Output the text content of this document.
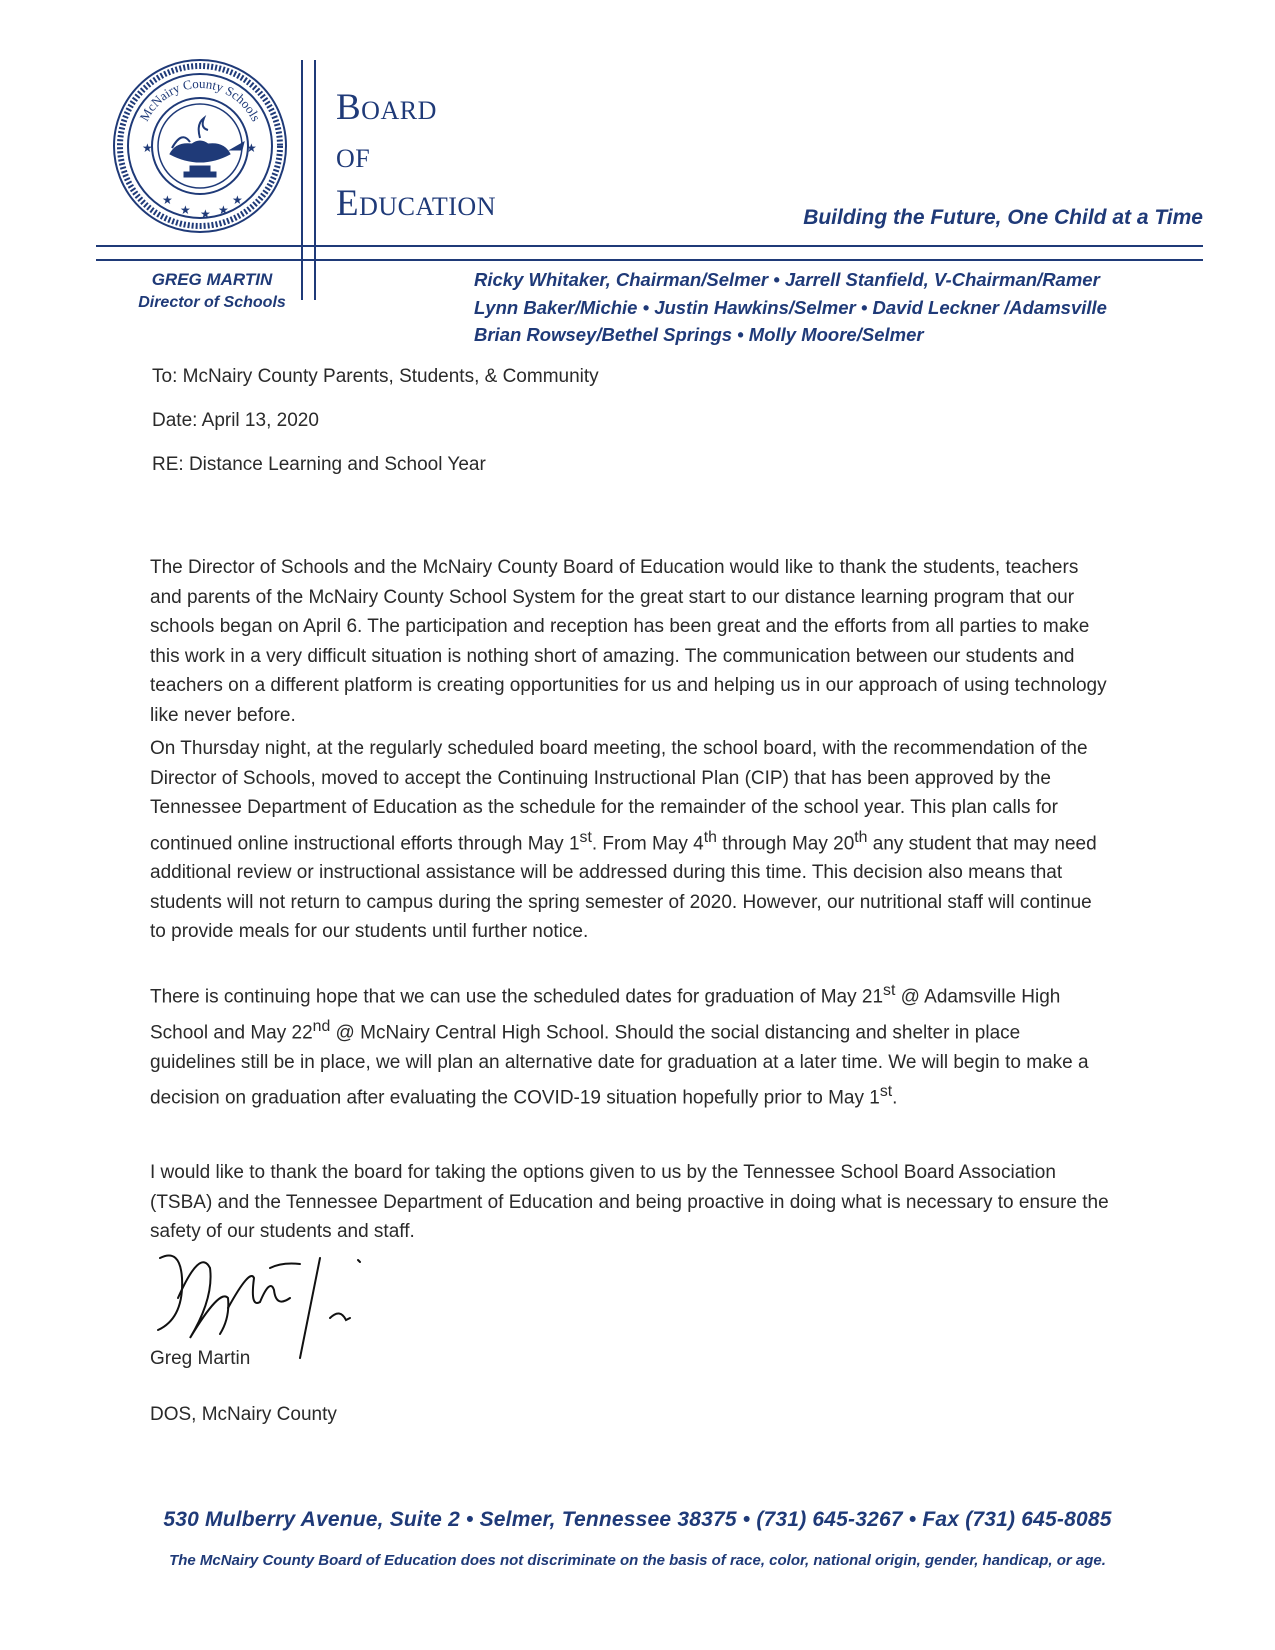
McNairy County Schools
★	★
★
★ ★ ★
★
Board
of
Education	Building the Future, One Child at a Time
GREG MARTIN
Director of Schools
Ricky Whitaker, Chairman/Selmer • Jarrell Stanfield, V-Chairman/Ramer
Lynn Baker/Michie • Justin Hawkins/Selmer • David Leckner /Adamsville
Brian Rowsey/Bethel Springs • Molly Moore/Selmer
To: McNairy County Parents, Students, & Community
Date: April 13, 2020
RE: Distance Learning and School Year
The Director of Schools and the McNairy County Board of Education would like to thank the students, teachers and parents of the McNairy County School System for the great start to our distance learning program that our schools began on April 6. The participation and reception has been great and the efforts from all parties to make this work in a very difficult situation is nothing short of amazing. The communication between our students and teachers on a different platform is creating opportunities for us and helping us in our approach of using technology like never before.
On Thursday night, at the regularly scheduled board meeting, the school board, with the recommendation of the Director of Schools, moved to accept the Continuing Instructional Plan (CIP) that has been approved by the Tennessee Department of Education as the schedule for the remainder of the school year. This plan calls for continued online instructional efforts through May 1st. From May 4th through May 20th any student that may need additional review or instructional assistance will be addressed during this time. This decision also means that students will not return to campus during the spring semester of 2020. However, our nutritional staff will continue to provide meals for our students until further notice.
There is continuing hope that we can use the scheduled dates for graduation of May 21st @ Adamsville High School and May 22nd @ McNairy Central High School. Should the social distancing and shelter in place guidelines still be in place, we will plan an alternative date for graduation at a later time. We will begin to make a decision on graduation after evaluating the COVID-19 situation hopefully prior to May 1st.
I would like to thank the board for taking the options given to us by the Tennessee School Board Association (TSBA) and the Tennessee Department of Education and being proactive in doing what is necessary to ensure the safety of our students and staff.
Greg Martin
DOS, McNairy County
530 Mulberry Avenue, Suite 2 • Selmer, Tennessee 38375 • (731) 645-3267 • Fax (731) 645-8085
The McNairy County Board of Education does not discriminate on the basis of race, color, national origin, gender, handicap, or age.
